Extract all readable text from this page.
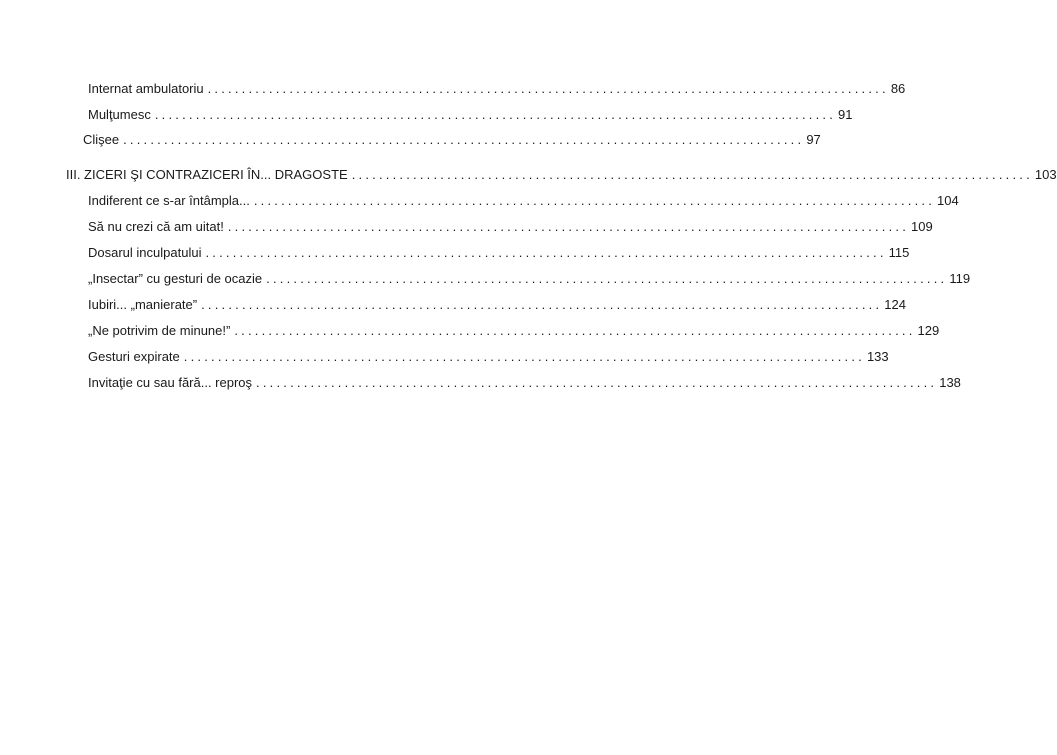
Internat ambulatoriu .................................................................................................... 86
Mulţumesc .................................................................................................... 91
Clişee .................................................................................................... 97
III. ZICERI ŞI CONTRAZICERI ÎN... DRAGOSTE .................................................................................................... 103
Indiferent ce s-ar întâmpla... .................................................................................................... 104
Să nu crezi că am uitat! .................................................................................................... 109
Dosarul inculpatului .................................................................................................... 115
„Insectar” cu gesturi de ocazie .................................................................................................... 119
Iubiri... „manierate” .................................................................................................... 124
„Ne potrivim de minune!” .................................................................................................... 129
Gesturi expirate .................................................................................................... 133
Invitaţie cu sau fără... reproş .................................................................................................... 138
